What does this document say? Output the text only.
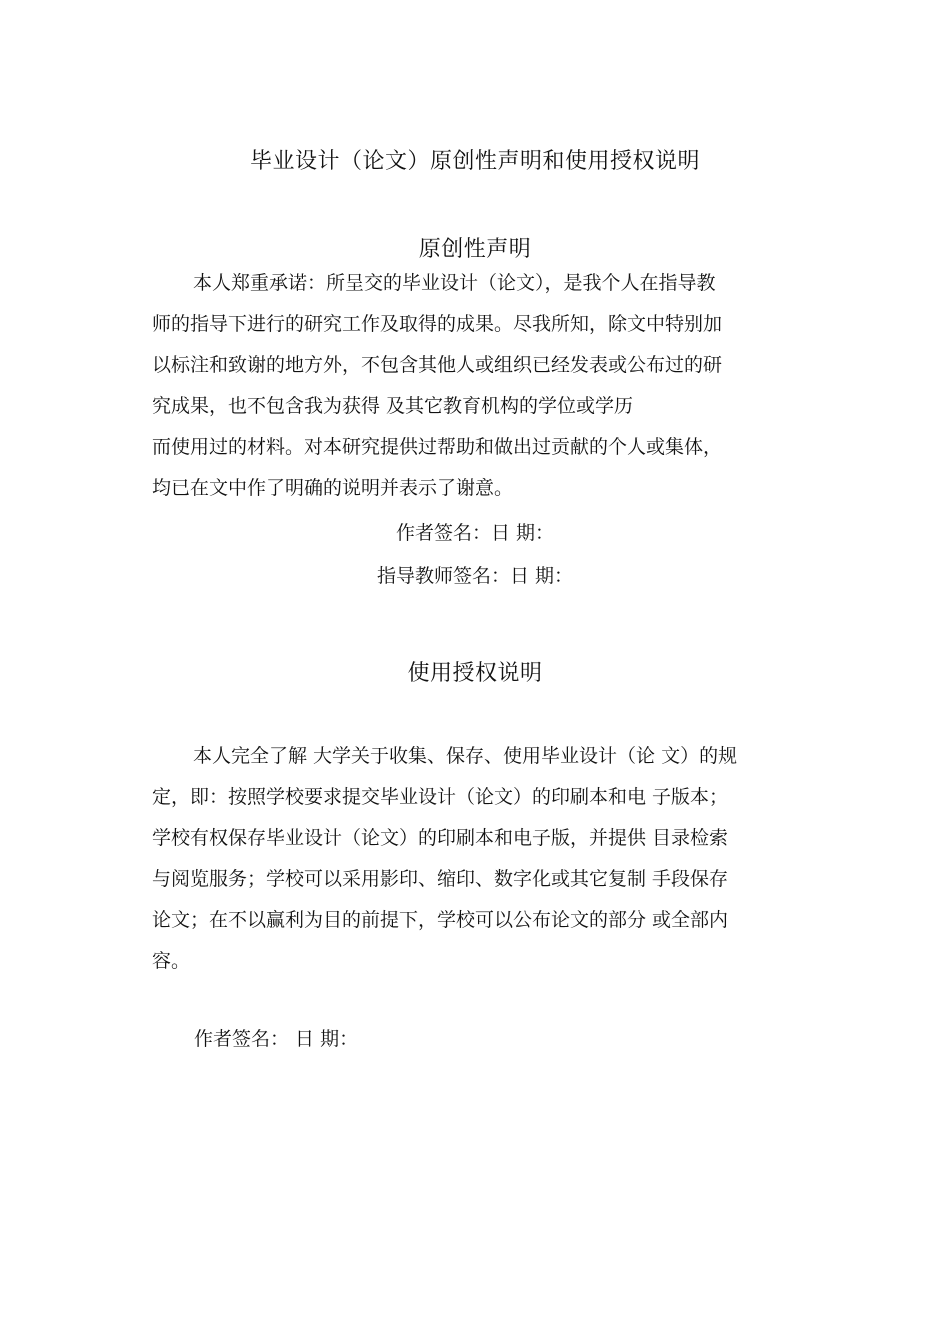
毕业设计（论文）原创性声明和使用授权说明
原创性声明
本人郑重承诺：所呈交的毕业设计（论文），是我个人在指导教
师的指导下进行的研究工作及取得的成果。尽我所知，除文中特别加
以标注和致谢的地方外，不包含其他人或组织已经发表或公布过的研
究成果，也不包含我为获得 及其它教育机构的学位或学历
而使用过的材料。对本研究提供过帮助和做出过贡献的个人或集体，
均已在文中作了明确的说明并表示了谢意。
作者签名：日 期：
指导教师签名：日 期：
使用授权说明
本人完全了解 大学关于收集、保存、使用毕业设计（论 文）的规
定，即：按照学校要求提交毕业设计（论文）的印刷本和电 子版本；
学校有权保存毕业设计（论文）的印刷本和电子版，并提供 目录检索
与阅览服务；学校可以采用影印、缩印、数字化或其它复制 手段保存
论文；在不以赢利为目的前提下，学校可以公布论文的部分 或全部内
容。
作者签名： 日 期：
